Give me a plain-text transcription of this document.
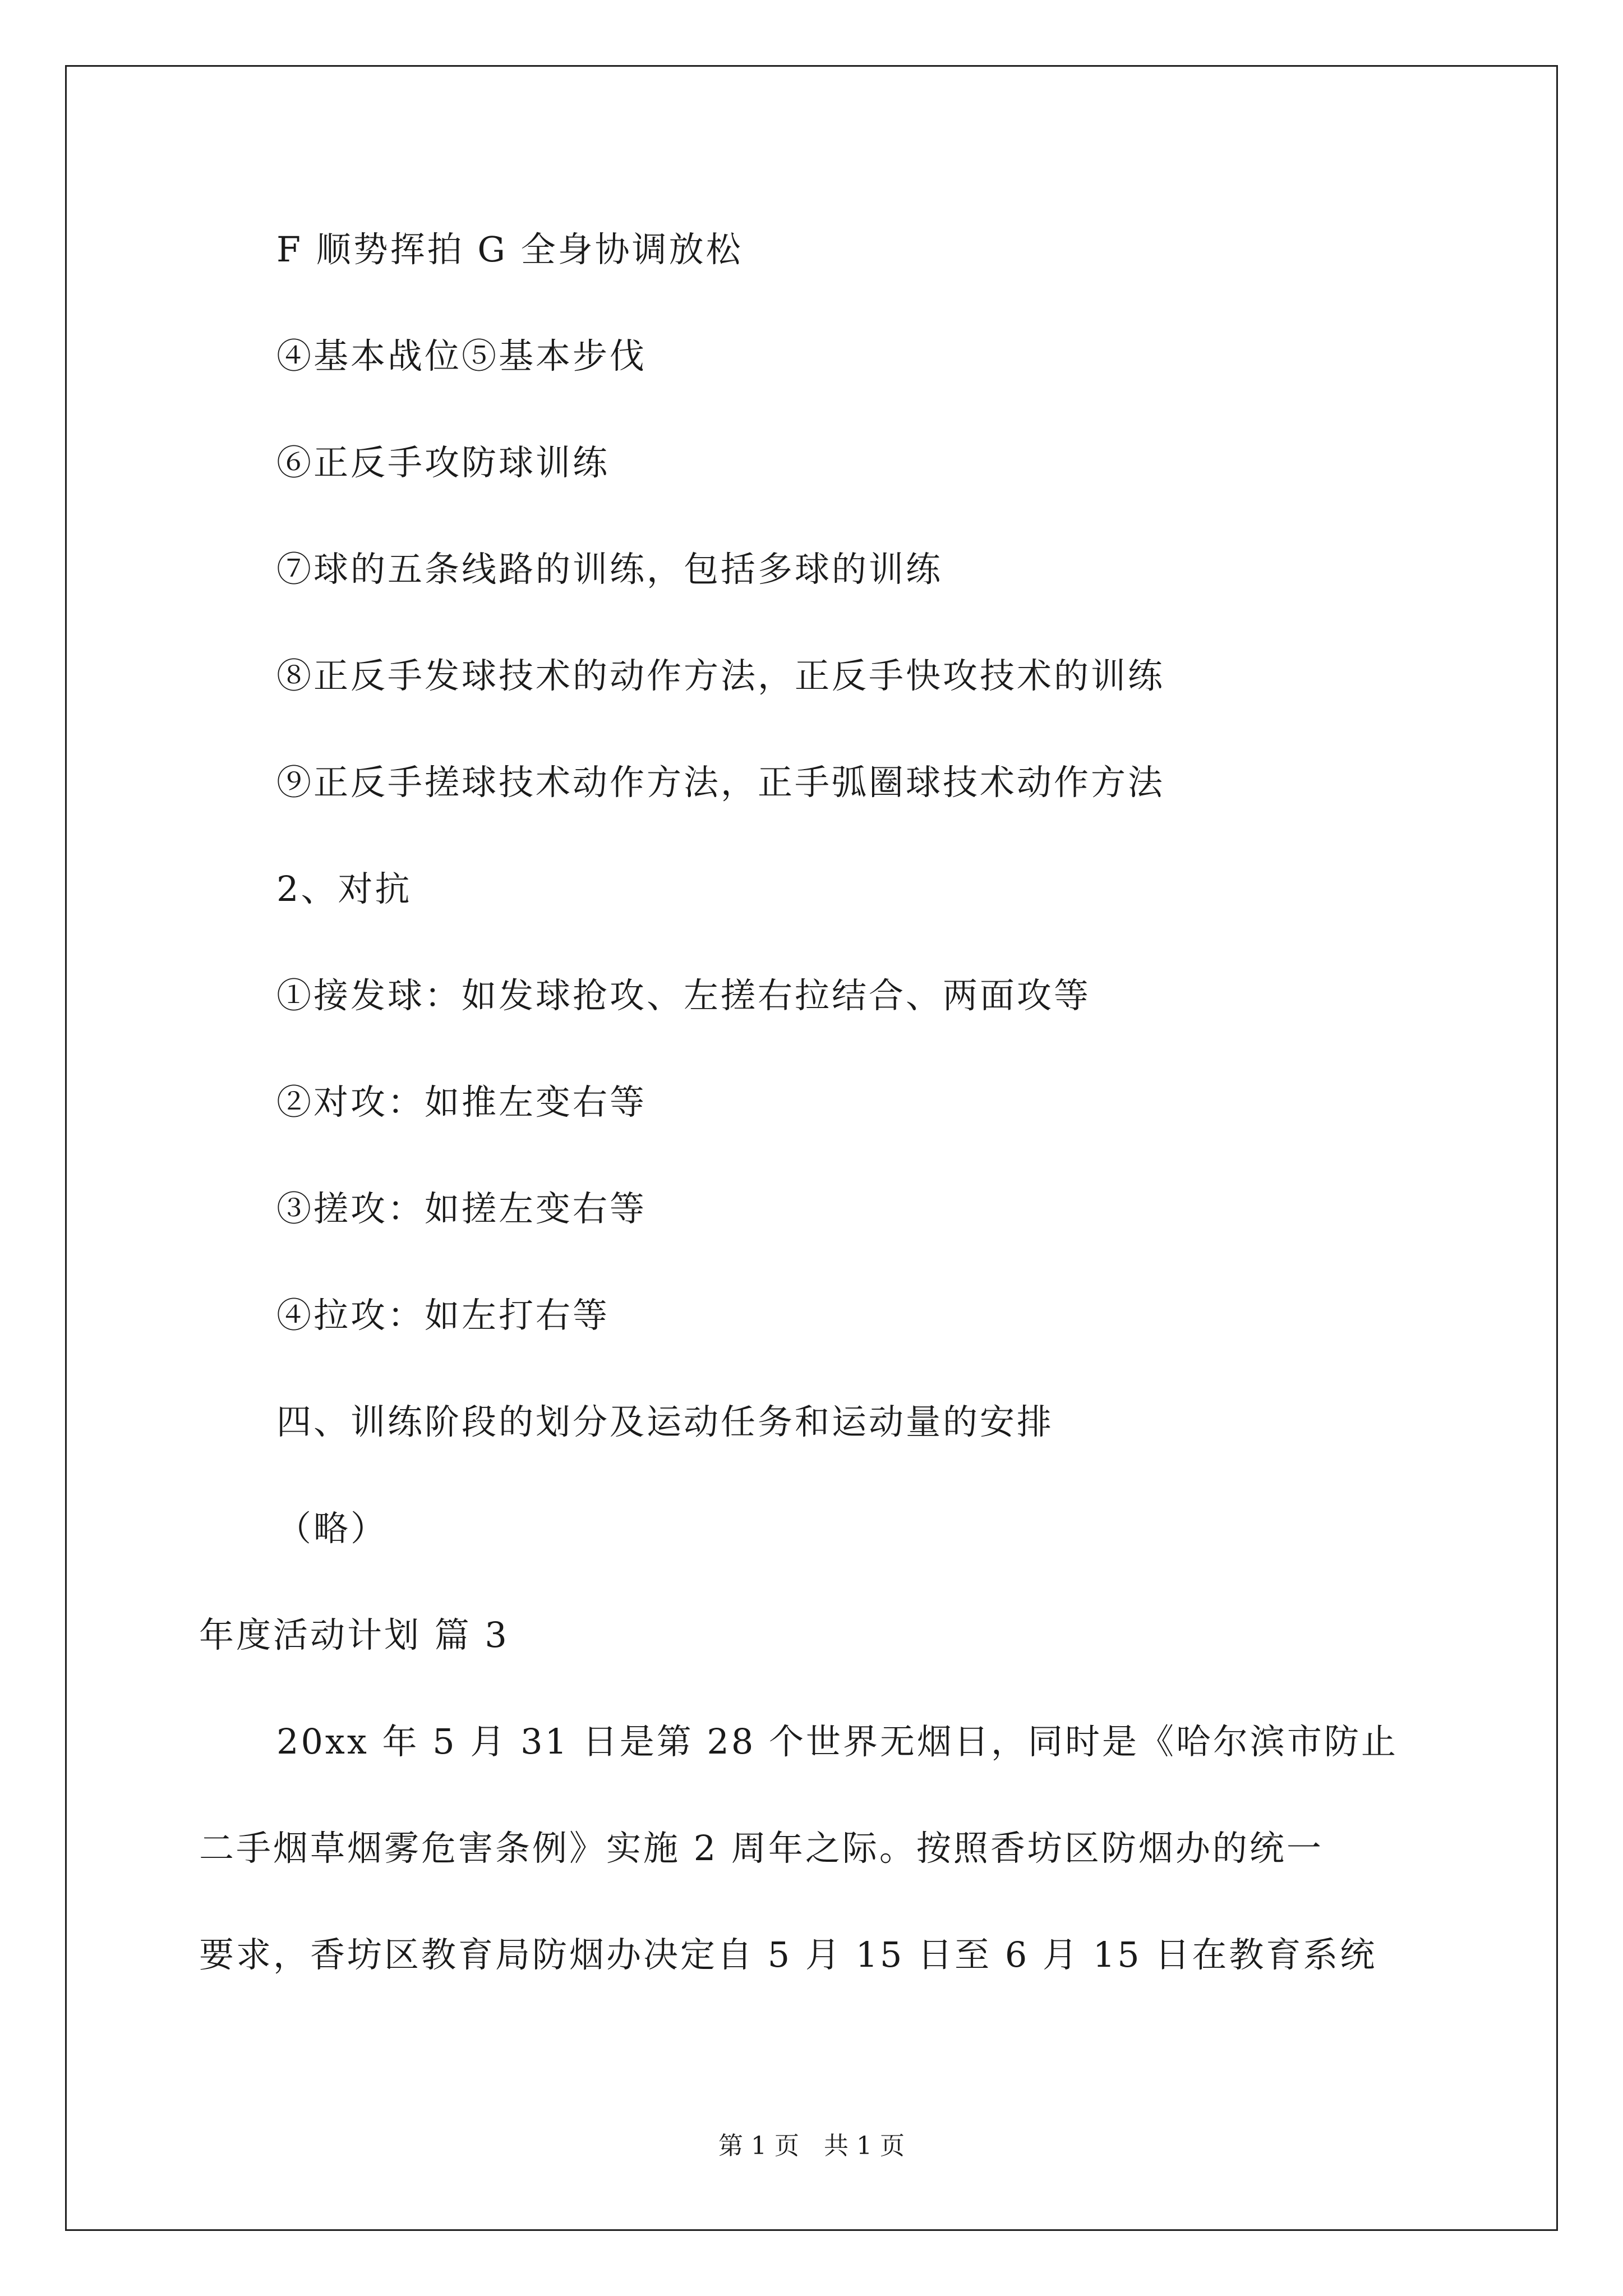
F 顺势挥拍 G 全身协调放松
④基本战位⑤基本步伐
⑥正反手攻防球训练
⑦球的五条线路的训练，包括多球的训练
⑧正反手发球技术的动作方法，正反手快攻技术的训练
⑨正反手搓球技术动作方法，正手弧圈球技术动作方法
2、对抗
①接发球：如发球抢攻、左搓右拉结合、两面攻等
②对攻：如推左变右等
③搓攻：如搓左变右等
④拉攻：如左打右等
四、训练阶段的划分及运动任务和运动量的安排
（略）
年度活动计划 篇 3
20xx 年 5 月 31 日是第 28 个世界无烟日，同时是《哈尔滨市防止
二手烟草烟雾危害条例》实施 2 周年之际。按照香坊区防烟办的统一
要求，香坊区教育局防烟办决定自 5 月 15 日至 6 月 15 日在教育系统
第 1 页　共 1 页
